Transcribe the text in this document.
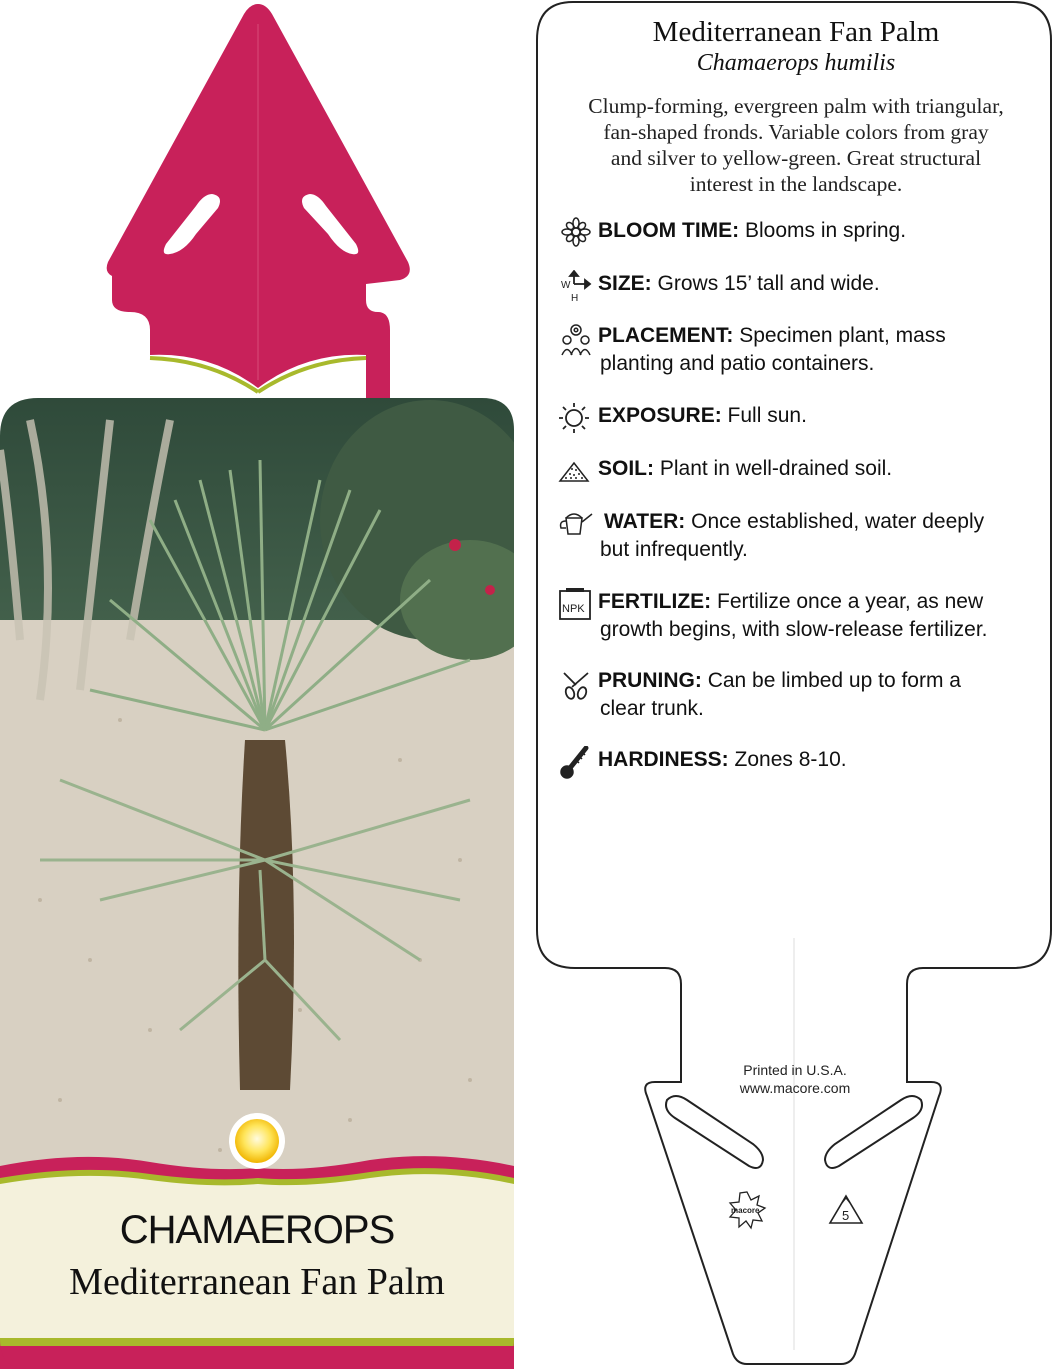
CHAMAEROPS
Mediterranean Fan Palm
Mediterranean Fan Palm
Chamaerops humilis
Clump-forming, evergreen palm with triangular,
fan-shaped fronds. Variable colors from gray
and silver to yellow-green. Great structural
interest in the landscape.
BLOOM TIME: Blooms in spring.
W
H
SIZE: Grows 15’ tall and wide.
PLACEMENT: Specimen plant, mass
planting and patio containers.
EXPOSURE: Full sun.
SOIL: Plant in well-drained soil.
WATER: Once established, water deeply
but infrequently.
NPK FERTILIZE: Fertilize once a year, as new
growth begins, with slow-release fertilizer.
PRUNING: Can be limbed up to form a
clear trunk.
HARDINESS: Zones 8-10.
Printed in U.S.A.
www.macore.com
macore	5
